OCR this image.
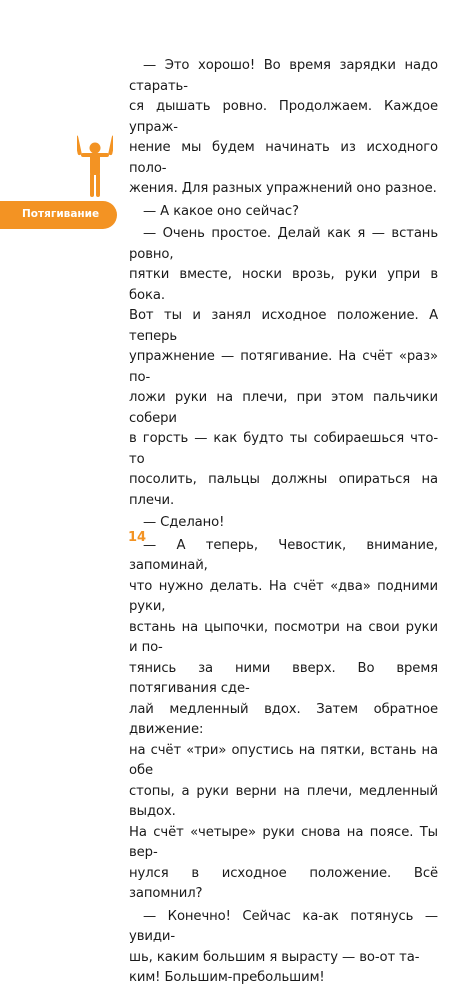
Потягивание

— Это хорошо! Во время зарядки надо старать-
ся дышать ровно. Продолжаем. Каждое упраж-
нение мы будем начинать из исходного поло-
жения. Для разных упражнений оно разное.

— А какое оно сейчас?

— Очень простое. Делай как я — встань ровно,
пятки вместе, носки врозь, руки упри в бока.
Вот ты и занял исходное положение. А теперь
упражнение — потягивание. На счёт «раз» по-
ложи руки на плечи, при этом пальчики собери
в горсть — как будто ты собираешься что-то
посолить, пальцы должны опираться на плечи.

— Сделано!

— А теперь, Чевостик, внимание, запоминай,
что нужно делать. На счёт «два» подними руки,
встань на цыпочки, посмотри на свои руки и по-
тянись за ними вверх. Во время потягивания сде-
лай медленный вдох. Затем обратное движение:
на счёт «три» опустись на пятки, встань на обе
стопы, а руки верни на плечи, медленный выдох.
На счёт «четыре» руки снова на поясе. Ты вер-
нулся в исходное положение. Всё запомнил?

— Конечно! Сейчас ка-ак потянусь — увиди-
шь, каким большим я вырасту — во-от та-
ким! Большим-пребольшим!

14
